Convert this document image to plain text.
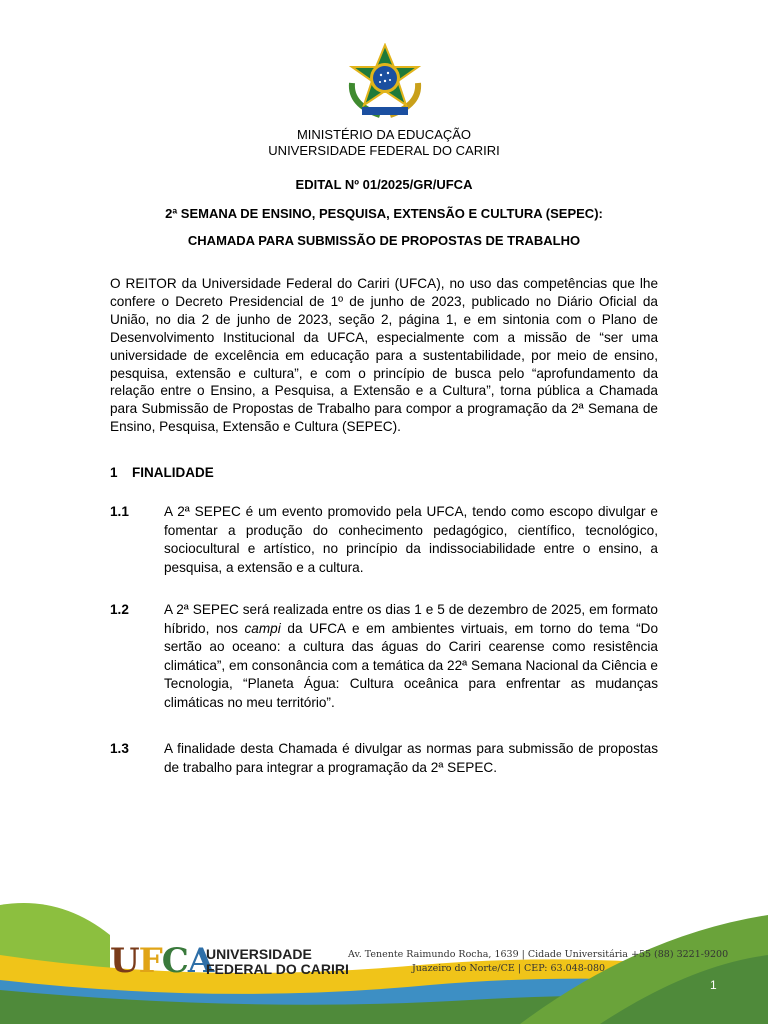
MINISTÉRIO DA EDUCAÇÃO
UNIVERSIDADE FEDERAL DO CARIRI
EDITAL Nº 01/2025/GR/UFCA
2ª SEMANA DE ENSINO, PESQUISA, EXTENSÃO E CULTURA (SEPEC):
CHAMADA PARA SUBMISSÃO DE PROPOSTAS DE TRABALHO
O REITOR da Universidade Federal do Cariri (UFCA), no uso das competências que lhe confere o Decreto Presidencial de 1º de junho de 2023, publicado no Diário Oficial da União, no dia 2 de junho de 2023, seção 2, página 1, e em sintonia com o Plano de Desenvolvimento Institucional da UFCA, especialmente com a missão de “ser uma universidade de excelência em educação para a sustentabilidade, por meio de ensino, pesquisa, extensão e cultura”, e com o princípio de busca pelo “aprofundamento da relação entre o Ensino, a Pesquisa, a Extensão e a Cultura”, torna pública a Chamada para Submissão de Propostas de Trabalho para compor a programação da 2ª Semana de Ensino, Pesquisa, Extensão e Cultura (SEPEC).
1 FINALIDADE
1.1	A 2ª SEPEC é um evento promovido pela UFCA, tendo como escopo divulgar e fomentar a produção do conhecimento pedagógico, científico, tecnológico, sociocultural e artístico, no princípio da indissociabilidade entre o ensino, a pesquisa, a extensão e a cultura.
1.2	A 2ª SEPEC será realizada entre os dias 1 e 5 de dezembro de 2025, em formato híbrido, nos campi da UFCA e em ambientes virtuais, em torno do tema “Do sertão ao oceano: a cultura das águas do Cariri cearense como resistência climática”, em consonância com a temática da 22ª Semana Nacional da Ciência e Tecnologia, “Planeta Água: Cultura oceânica para enfrentar as mudanças climáticas no meu território”.
1.3	A finalidade desta Chamada é divulgar as normas para submissão de propostas de trabalho para integrar a programação da 2ª SEPEC.
UFCA
UNIVERSIDADE
FEDERAL DO CARIRI
Av. Tenente Raimundo Rocha, 1639 | Cidade Universitária +55 (88) 3221-9200
Juazeiro do Norte/CE | CEP: 63.048-080
1
